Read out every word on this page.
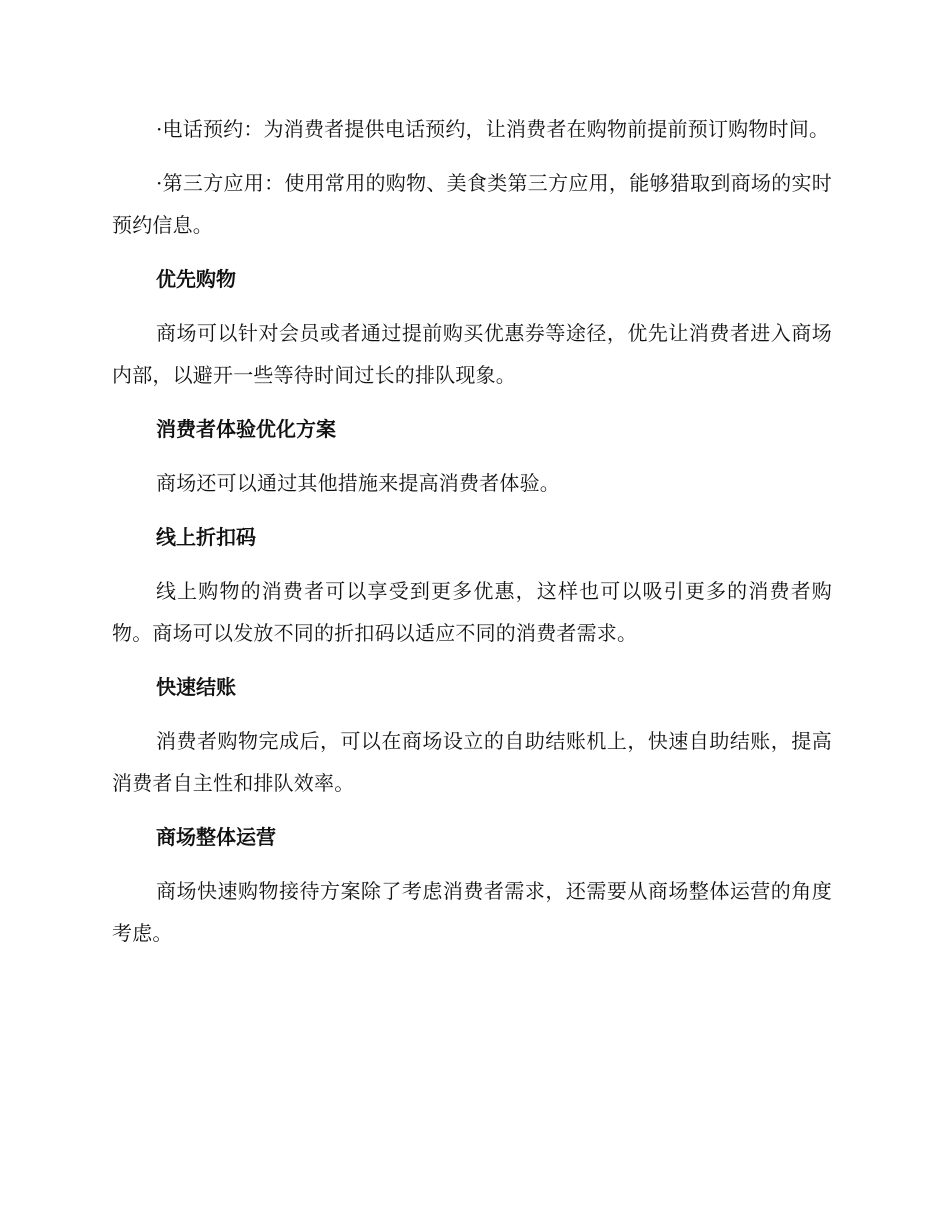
·电话预约：为消费者提供电话预约，让消费者在购物前提前预订购物时间。

·第三方应用：使用常用的购物、美食类第三方应用，能够猎取到商场的实时预约信息。

优先购物

商场可以针对会员或者通过提前购买优惠券等途径，优先让消费者进入商场内部，以避开一些等待时间过长的排队现象。

消费者体验优化方案

商场还可以通过其他措施来提高消费者体验。

线上折扣码

线上购物的消费者可以享受到更多优惠，这样也可以吸引更多的消费者购物。商场可以发放不同的折扣码以适应不同的消费者需求。

快速结账

消费者购物完成后，可以在商场设立的自助结账机上，快速自助结账，提高消费者自主性和排队效率。

商场整体运营

商场快速购物接待方案除了考虑消费者需求，还需要从商场整体运营的角度考虑。
